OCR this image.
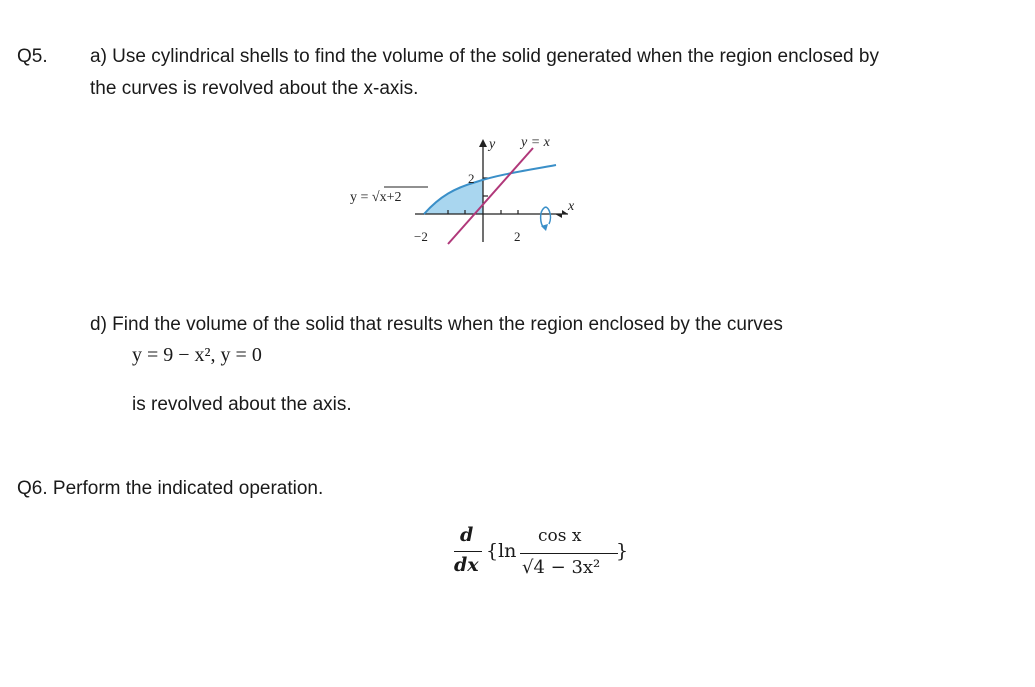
Q5. a) Use cylindrical shells to find the volume of the solid generated when the region enclosed by
the curves is revolved about the x-axis.
y = √x+2
y = x
y
x
2
−2	2
d) Find the volume of the solid that results when the region enclosed by the curves
y = 9 − x², y = 0
is revolved about the axis.
Q6. Perform the indicated operation.
d
dx
{ln
cos x
√4 − 3x²
}
